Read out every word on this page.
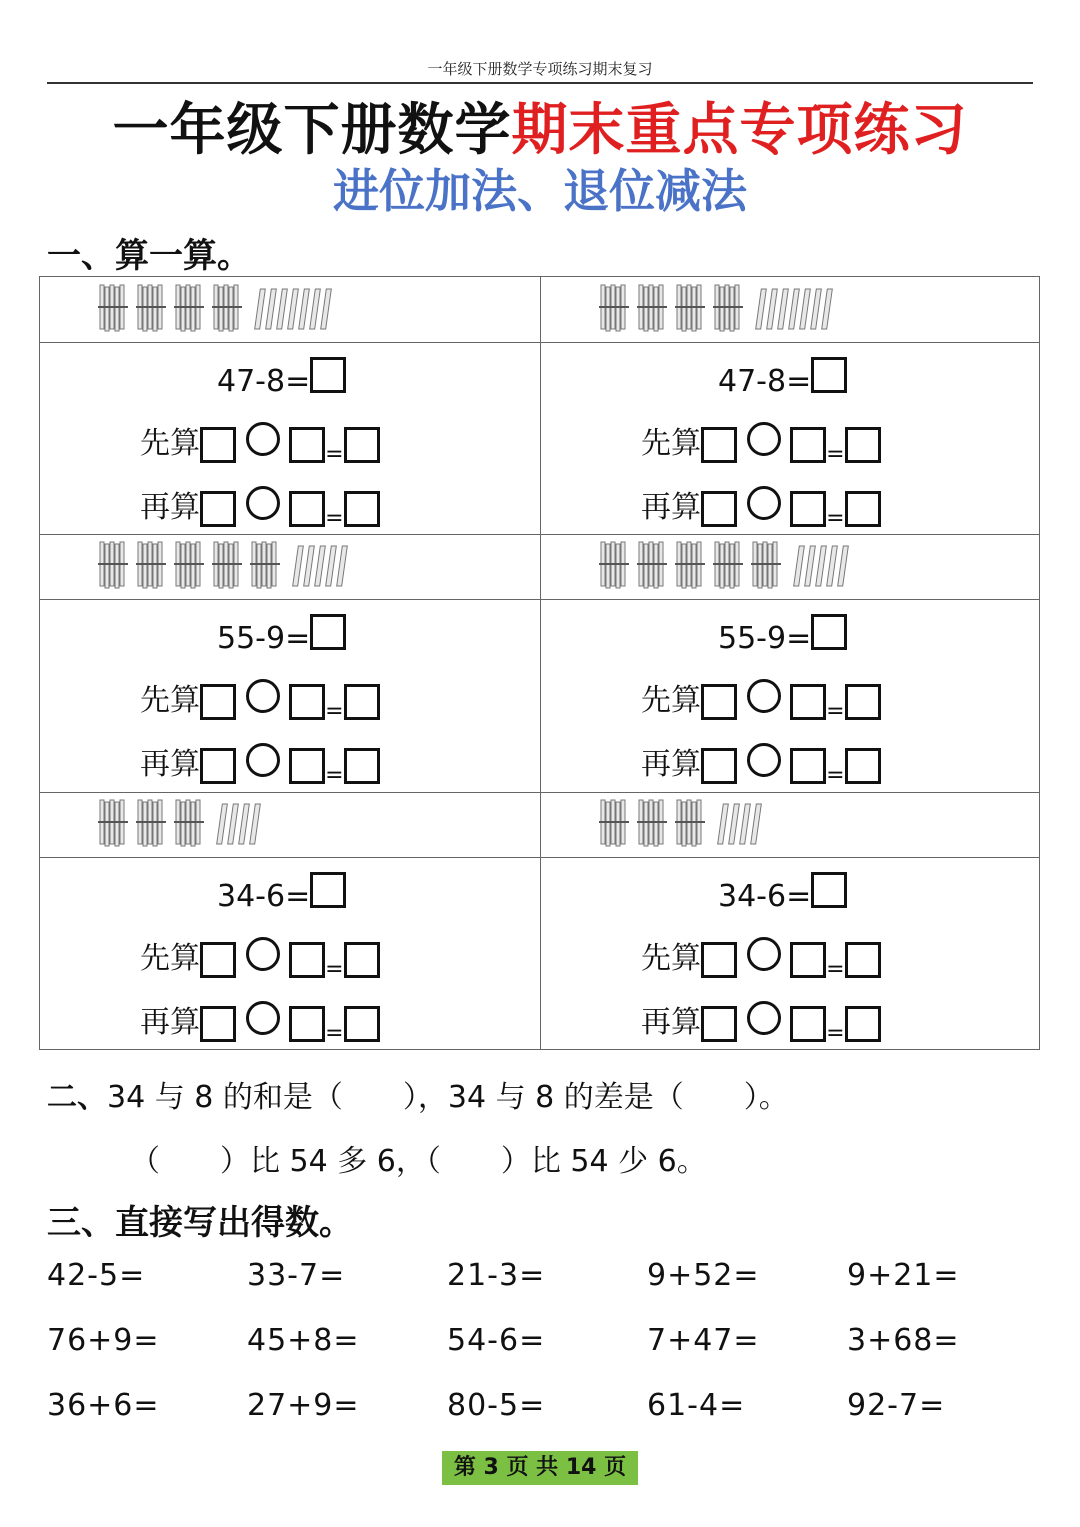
一年级下册数学专项练习期末复习
一年级下册数学期末重点专项练习
进位加法、退位减法
一、算一算。
47-8=
先算	$_=$
再算	$_=$
47-8=
先算	$_=$
再算	$_=$
55-9=
先算	$_=$
再算	$_=$
55-9=
先算	$_=$
再算	$_=$
34-6=
先算	$_=$
再算	$_=$
34-6=
先算	$_=$
再算	$_=$
二、34 与 8 的和是（ ），34 与 8 的差是（ ）。
（ ）比 54 多 6，（ ）比 54 少 6。
三、直接写出得数。
42-5=	33-7=	21-3=	9+52=	9+21=
76+9=	45+8=	54-6=	7+47=	3+68=
36+6=	27+9=	80-5=	61-4=	92-7=
第 3 页 共 14 页
